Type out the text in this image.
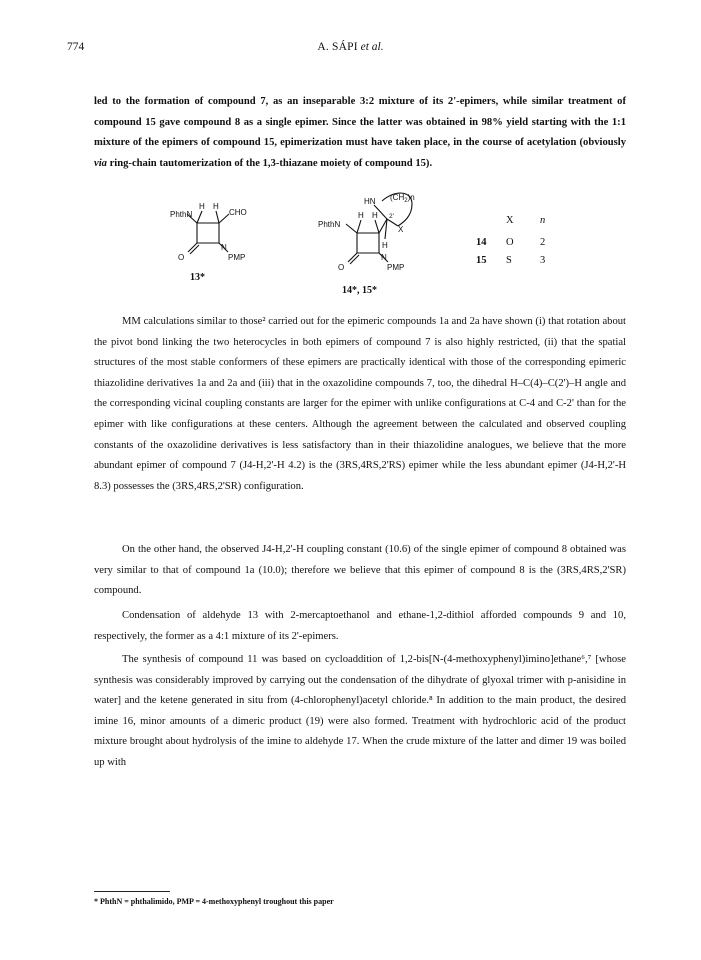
774	A. SÁPI et al.

led to the formation of compound 7, as an inseparable 3:2 mixture of its 2'-epimers, while similar treatment of compound 15 gave compound 8 as a single epimer. Since the latter was obtained in 98% yield starting with the 1:1 mixture of the epimers of compound 15, epimerization must have taken place, in the course of acetylation (obviously via ring-chain tautomerization of the 1,3-thiazane moiety of compound 15).

PhthN
H H
CHO
O
N
PMP
PhthN
H H
HN $(CH_2)n$
2'
X
H
O
N
PMP
13*
14*, 15*
X	n
14 O	2
15 S	3

MM calculations similar to those² carried out for the epimeric compounds 1a and 2a have shown (i) that rotation about the pivot bond linking the two heterocycles in both epimers of compound 7 is also highly restricted, (ii) that the spatial structures of the most stable conformers of these epimers are practically identical with those of the corresponding epimeric thiazolidine derivatives 1a and 2a and (iii) that in the oxazolidine compounds 7, too, the dihedral H–C(4)–C(2')–H angle and the corresponding vicinal coupling constants are larger for the epimer with unlike configurations at C-4 and C-2' than for the epimer with like configurations at these centers. Although the agreement between the calculated and observed coupling constants of the oxazolidine derivatives is less satisfactory than in their thiazolidine analogues, we believe that the more abundant epimer of compound 7 (J4-H,2'-H 4.2) is the (3RS,4RS,2'RS) epimer while the less abundant epimer (J4-H,2'-H 8.3) possesses the (3RS,4RS,2'SR) configuration.

On the other hand, the observed J4-H,2'-H coupling constant (10.6) of the single epimer of compound 8 obtained was very similar to that of compound 1a (10.0); therefore we believe that this epimer of compound 8 is the (3RS,4RS,2'SR) compound.

Condensation of aldehyde 13 with 2-mercaptoethanol and ethane-1,2-dithiol afforded compounds 9 and 10, respectively, the former as a 4:1 mixture of its 2'-epimers.

The synthesis of compound 11 was based on cycloaddition of 1,2-bis[N-(4-methoxyphenyl)imino]ethane⁶,⁷ [whose synthesis was considerably improved by carrying out the condensation of the dihydrate of glyoxal trimer with p-anisidine in water] and the ketene generated in situ from (4-chlorophenyl)acetyl chloride.⁸ In addition to the main product, the desired imine 16, minor amounts of a dimeric product (19) were also formed. Treatment with hydrochloric acid of the product mixture brought about hydrolysis of the imine to aldehyde 17. When the crude mixture of the latter and dimer 19 was boiled up with

* PhthN = phthalimido, PMP = 4-methoxyphenyl troughout this paper
